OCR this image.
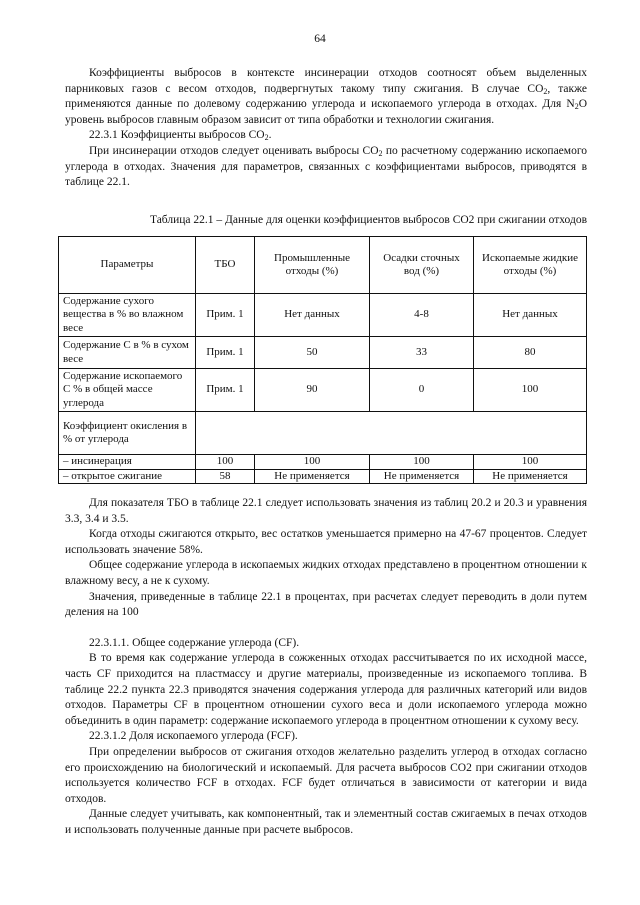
64

Коэффициенты выбросов в контексте инсинерации отходов соотносят объем выделенных парниковых газов с весом отходов, подвергнутых такому типу сжигания. В случае $CO_2$, также применяются данные по долевому содержанию углерода и ископаемого углерода в отходах. Для $N_2O$ уровень выбросов главным образом зависит от типа обработки и технологии сжигания.

22.3.1 Коэффициенты выбросов $CO_2$.

При инсинерации отходов следует оценивать выбросы $CO_2$ по расчетному содержанию ископаемого углерода в отходах. Значения для параметров, связанных с коэффициентами выбросов, приводятся в таблице 22.1.

Таблица 22.1 – Данные для оценки коэффициентов выбросов CO2 при сжигании отходов
Параметры	ТБО	Промышленные отходы (%)	Осадки сточных вод (%)	Ископаемые жидкие отходы (%)
Содержание сухого вещества в % во влажном весе	Прим. 1	Нет данных	4-8	Нет данных
Содержание С в % в сухом весе	Прим. 1	50	33	80
Содержание ископаемого С % в общей массе углерода	Прим. 1	90	0	100
Коэффициент окисления в % от углерода				
– инсинерация	100	100	100	100
– открытое сжигание	58	Не применяется	Не применяется	Не применяется

Для показателя ТБО в таблице 22.1 следует использовать значения из таблиц 20.2 и 20.3 и уравнения 3.3, 3.4 и 3.5.

Когда отходы сжигаются открыто, вес остатков уменьшается примерно на 47-67 процентов. Следует использовать значение 58%.

Общее содержание углерода в ископаемых жидких отходах представлено в процентном отношении к влажному весу, а не к сухому.

Значения, приведенные в таблице 22.1 в процентах, при расчетах следует переводить в доли путем деления на 100

22.3.1.1. Общее содержание углерода (CF).

В то время как содержание углерода в сожженных отходах рассчитывается по их исходной массе, часть CF приходится на пластмассу и другие материалы, произведенные из ископаемого топлива. В таблице 22.2 пункта 22.3 приводятся значения содержания углерода для различных категорий или видов отходов. Параметры CF в процентном отношении сухого веса и доли ископаемого углерода можно объединить в один параметр: содержание ископаемого углерода в процентном отношении к сухому весу.

22.3.1.2 Доля ископаемого углерода (FCF).

При определении выбросов от сжигания отходов желательно разделить углерод в отходах согласно его происхождению на биологический и ископаемый. Для расчета выбросов CO2 при сжигании отходов используется количество FCF в отходах. FCF будет отличаться в зависимости от категории и вида отходов.

Данные следует учитывать, как компонентный, так и элементный состав сжигаемых в печах отходов и использовать полученные данные при расчете выбросов.
